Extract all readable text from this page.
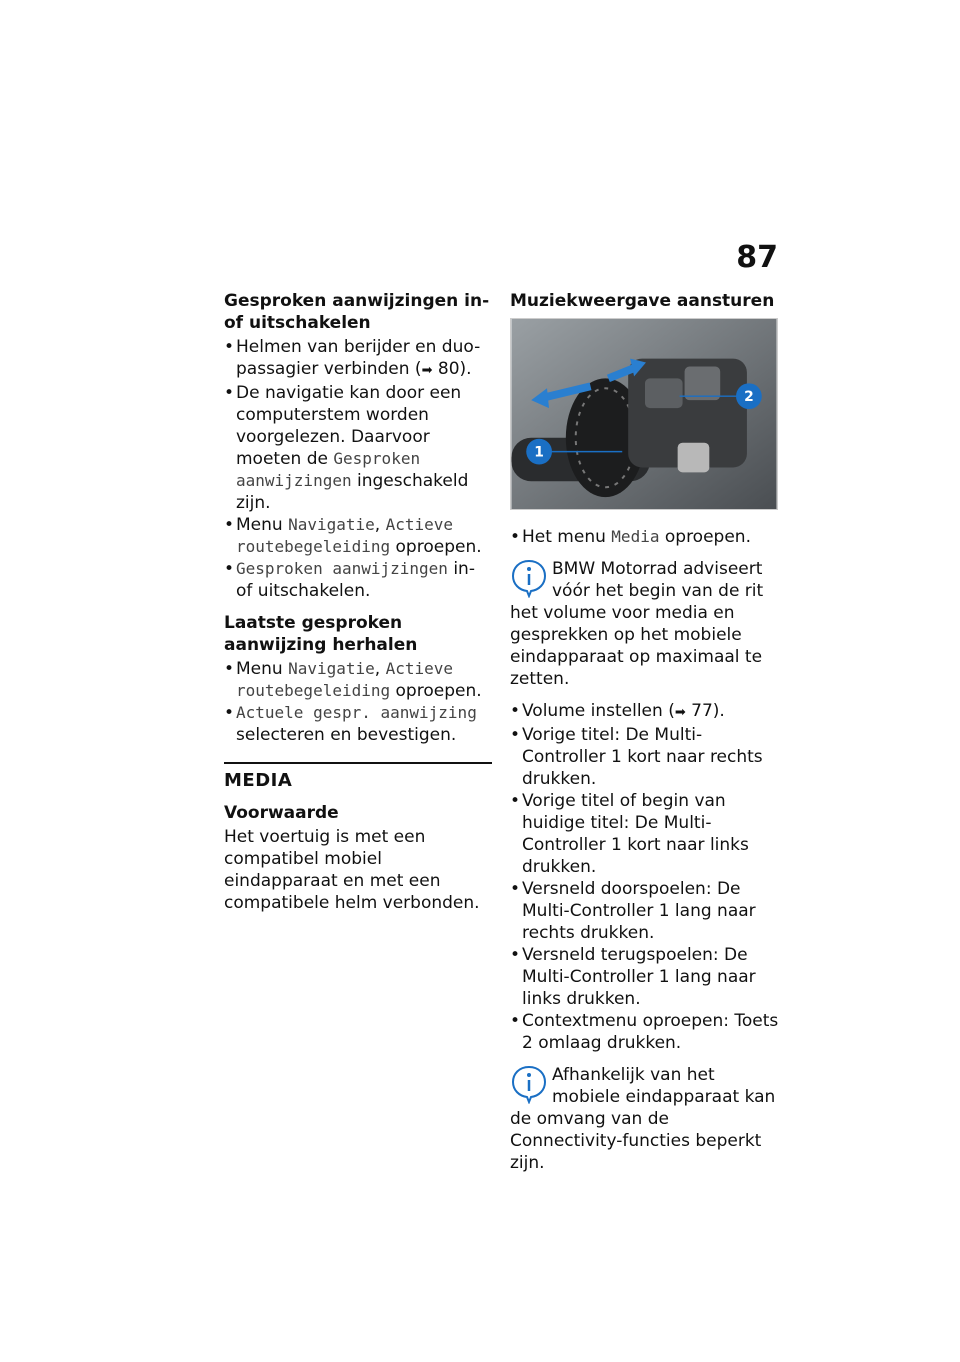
87
Gesproken aanwijzingen in- of uitschakelen
• Helmen van berijder en duo-passagier verbinden (➡ 80).
• De navigatie kan door een computerstem worden voorgelezen. Daarvoor moeten de Gesproken aanwijzingen ingeschakeld zijn.
• Menu Navigatie, Actieve routebegeleiding oproepen.
• Gesproken aanwijzingen in- of uitschakelen.
Laatste gesproken aanwijzing herhalen
• Menu Navigatie, Actieve routebegeleiding oproepen.
• Actuele gespr. aanwijzing selecteren en bevestigen.
MEDIA
Voorwaarde

Het voertuig is met een compatibel mobiel eindapparaat en met een compatibele helm verbonden.

Muziekweergave aansturen
1
2
• Het menu Media oproepen.

BMW Motorrad adviseert vóór het begin van de rit het volume voor media en gesprekken op het mobiele eindapparaat op maximaal te zetten.

• Volume instellen (➡ 77).
• Vorige titel: De Multi-Controller 1 kort naar rechts drukken.
• Vorige titel of begin van huidige titel: De Multi-Controller 1 kort naar links drukken.
• Versneld doorspoelen: De Multi-Controller 1 lang naar rechts drukken.
• Versneld terugspoelen: De Multi-Controller 1 lang naar links drukken.
• Contextmenu oproepen: Toets 2 omlaag drukken.

Afhankelijk van het mobiele eindapparaat kan de omvang van de Connectivity-functies beperkt zijn.
